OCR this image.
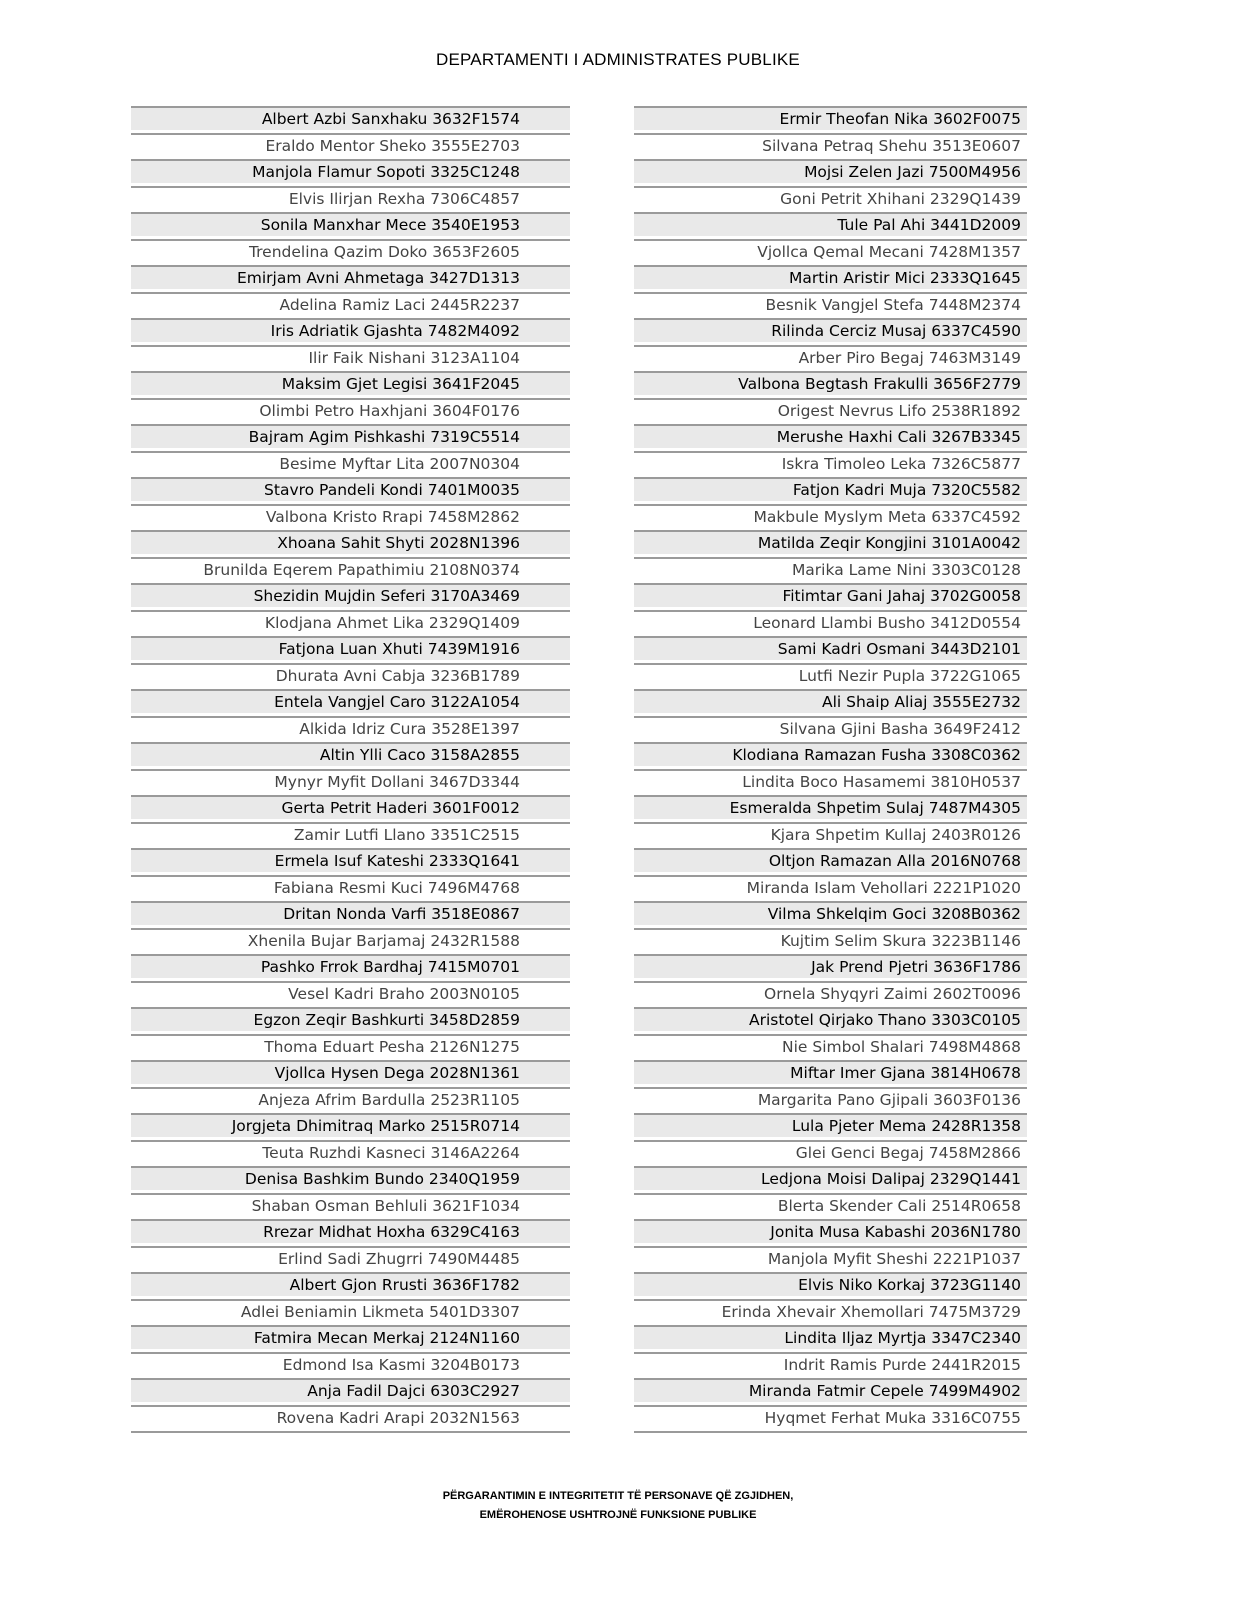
DEPARTAMENTI I ADMINISTRATES PUBLIKE
Albert Azbi Sanxhaku 3632F1574
Eraldo Mentor Sheko 3555E2703
Manjola Flamur Sopoti 3325C1248
Elvis Ilirjan Rexha 7306C4857
Sonila Manxhar Mece 3540E1953
Trendelina Qazim Doko 3653F2605
Emirjam Avni Ahmetaga 3427D1313
Adelina Ramiz Laci 2445R2237
Iris Adriatik Gjashta 7482M4092
Ilir Faik Nishani 3123A1104
Maksim Gjet Legisi 3641F2045
Olimbi Petro Haxhjani 3604F0176
Bajram Agim Pishkashi 7319C5514
Besime Myftar Lita 2007N0304
Stavro Pandeli Kondi 7401M0035
Valbona Kristo Rrapi 7458M2862
Xhoana Sahit Shyti 2028N1396
Brunilda Eqerem Papathimiu 2108N0374
Shezidin Mujdin Seferi 3170A3469
Klodjana Ahmet Lika 2329Q1409
Fatjona Luan Xhuti 7439M1916
Dhurata Avni Cabja 3236B1789
Entela Vangjel Caro 3122A1054
Alkida Idriz Cura 3528E1397
Altin Ylli Caco 3158A2855
Mynyr Myfit Dollani 3467D3344
Gerta Petrit Haderi 3601F0012
Zamir Lutfi Llano 3351C2515
Ermela Isuf Kateshi 2333Q1641
Fabiana Resmi Kuci 7496M4768
Dritan Nonda Varfi 3518E0867
Xhenila Bujar Barjamaj 2432R1588
Pashko Frrok Bardhaj 7415M0701
Vesel Kadri Braho 2003N0105
Egzon Zeqir Bashkurti 3458D2859
Thoma Eduart Pesha 2126N1275
Vjollca Hysen Dega 2028N1361
Anjeza Afrim Bardulla 2523R1105
Jorgjeta Dhimitraq Marko 2515R0714
Teuta Ruzhdi Kasneci 3146A2264
Denisa Bashkim Bundo 2340Q1959
Shaban Osman Behluli 3621F1034
Rrezar Midhat Hoxha 6329C4163
Erlind Sadi Zhugrri 7490M4485
Albert Gjon Rrusti 3636F1782
Adlei Beniamin Likmeta 5401D3307
Fatmira Mecan Merkaj 2124N1160
Edmond Isa Kasmi 3204B0173
Anja Fadil Dajci 6303C2927
Rovena Kadri Arapi 2032N1563
Ermir Theofan Nika 3602F0075
Silvana Petraq Shehu 3513E0607
Mojsi Zelen Jazi 7500M4956
Goni Petrit Xhihani 2329Q1439
Tule Pal Ahi 3441D2009
Vjollca Qemal Mecani 7428M1357
Martin Aristir Mici 2333Q1645
Besnik Vangjel Stefa 7448M2374
Rilinda Cerciz Musaj 6337C4590
Arber Piro Begaj 7463M3149
Valbona Begtash Frakulli 3656F2779
Origest Nevrus Lifo 2538R1892
Merushe Haxhi Cali 3267B3345
Iskra Timoleo Leka 7326C5877
Fatjon Kadri Muja 7320C5582
Makbule Myslym Meta 6337C4592
Matilda Zeqir Kongjini 3101A0042
Marika Lame Nini 3303C0128
Fitimtar Gani Jahaj 3702G0058
Leonard Llambi Busho 3412D0554
Sami Kadri Osmani 3443D2101
Lutfi Nezir Pupla 3722G1065
Ali Shaip Aliaj 3555E2732
Silvana Gjini Basha 3649F2412
Klodiana Ramazan Fusha 3308C0362
Lindita Boco Hasamemi 3810H0537
Esmeralda Shpetim Sulaj 7487M4305
Kjara Shpetim Kullaj 2403R0126
Oltjon Ramazan Alla 2016N0768
Miranda Islam Vehollari 2221P1020
Vilma Shkelqim Goci 3208B0362
Kujtim Selim Skura 3223B1146
Jak Prend Pjetri 3636F1786
Ornela Shyqyri Zaimi 2602T0096
Aristotel Qirjako Thano 3303C0105
Nie Simbol Shalari 7498M4868
Miftar Imer Gjana 3814H0678
Margarita Pano Gjipali 3603F0136
Lula Pjeter Mema 2428R1358
Glei Genci Begaj 7458M2866
Ledjona Moisi Dalipaj 2329Q1441
Blerta Skender Cali 2514R0658
Jonita Musa Kabashi 2036N1780
Manjola Myfit Sheshi 2221P1037
Elvis Niko Korkaj 3723G1140
Erinda Xhevair Xhemollari 7475M3729
Lindita Iljaz Myrtja 3347C2340
Indrit Ramis Purde 2441R2015
Miranda Fatmir Cepele 7499M4902
Hyqmet Ferhat Muka 3316C0755
PËRGARANTIMIN E INTEGRITETIT TË PERSONAVE QË ZGJIDHEN,
EMËROHENOSE USHTROJNË FUNKSIONE PUBLIKE
